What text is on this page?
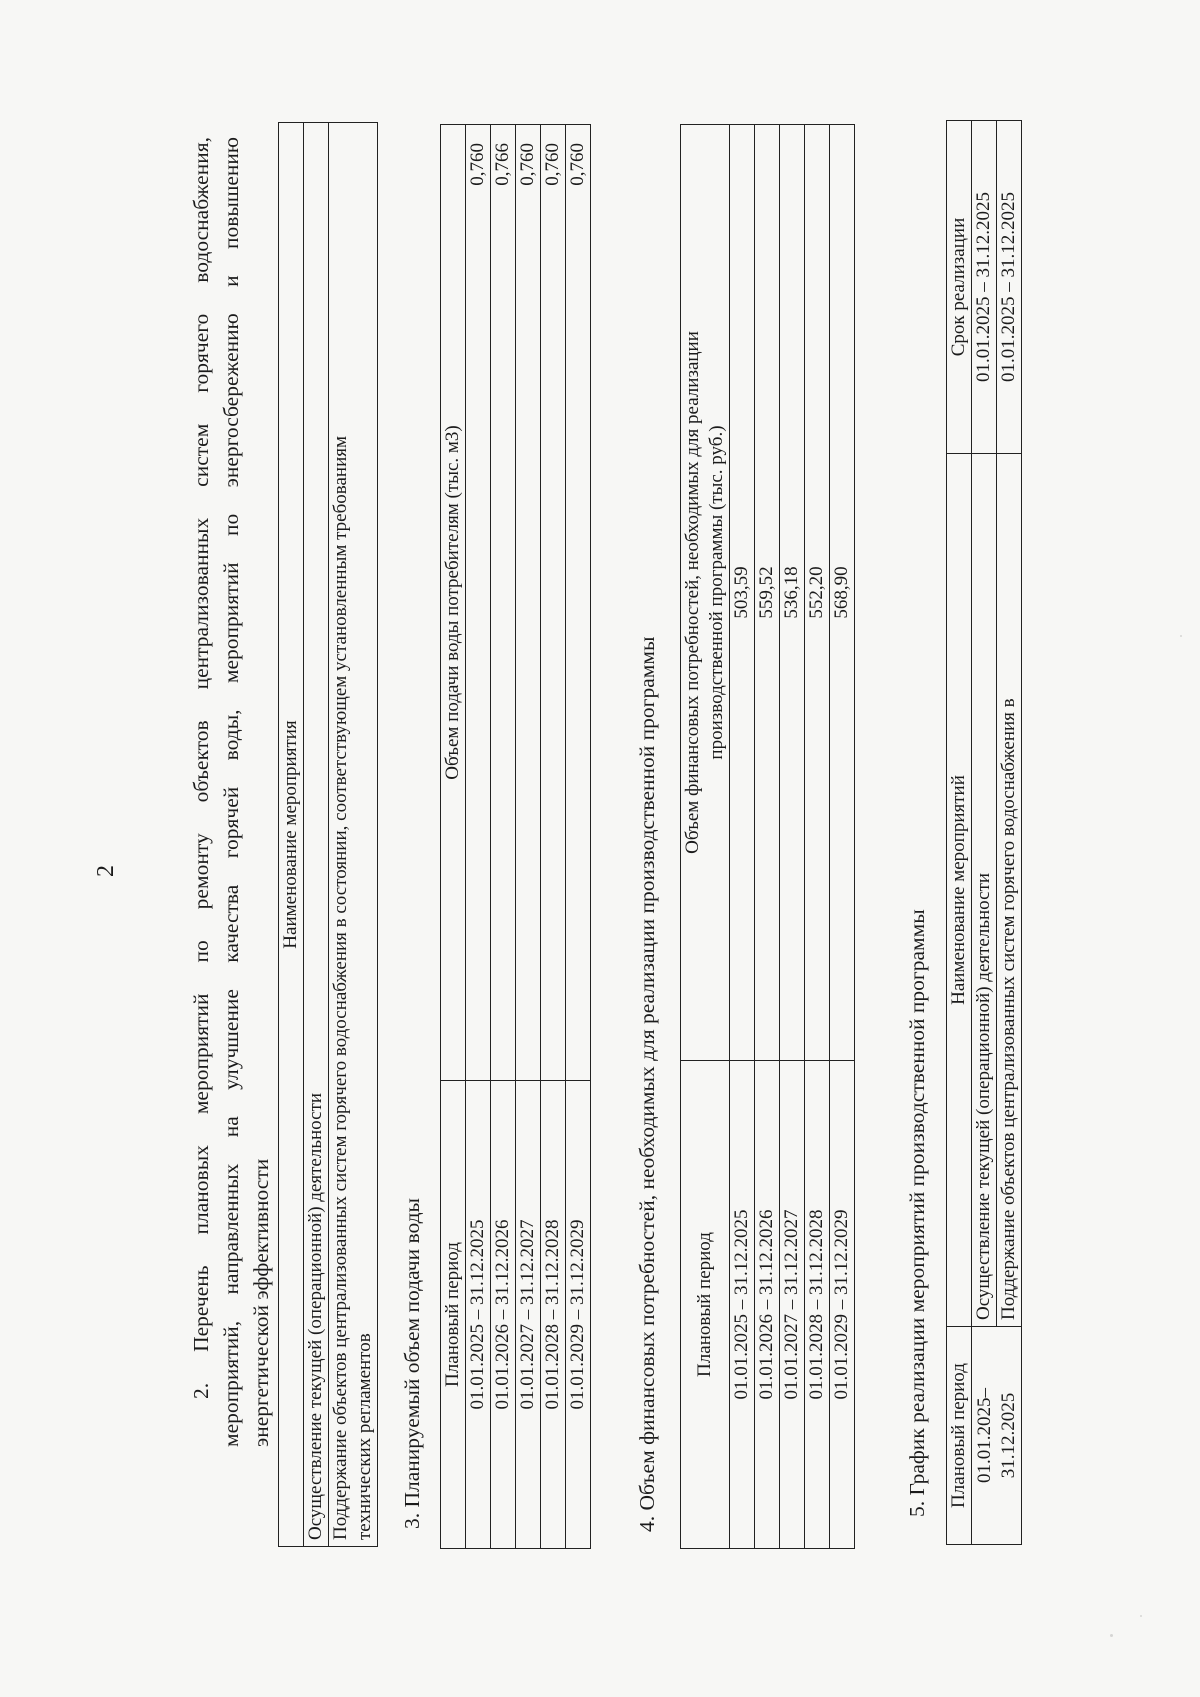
2	2. Перечень плановых мероприятий по ремонту объектов централизованных систем горячего водоснабжения, мероприятий, направленных на улучшение качества горячей воды, мероприятий по энергосбережению и повышению энергетической эффективности
Наименование мероприятия
Осуществление текущей (операционной) деятельности
Поддержание объектов централизованных систем горячего водоснабжения в состоянии, соответствующем установленным требованиям технических регламентов 3. Планируемый объем подачи воды Плановый период	Объем подачи воды потребителям (тыс. м3)
01.01.2025 – 31.12.2025	0,760
01.01.2026 – 31.12.2026	0,766
01.01.2027 – 31.12.2027	0,760
01.01.2028 – 31.12.2028	0,760
01.01.2029 – 31.12.2029	0,760
4. Объем финансовых потребностей, необходимых для реализации производственной программы Плановый период	Объем финансовых потребностей, необходимых для реализации производственной программы (тыс. руб.)
01.01.2025 – 31.12.2025	503,59
01.01.2026 – 31.12.2026	559,52
01.01.2027 – 31.12.2027	536,18
01.01.2028 – 31.12.2028	552,20
01.01.2029 – 31.12.2029	568,90
5. График реализации мероприятий производственной программы Плановый период	Наименование мероприятий	Срок реализации
01.01.2025– 31.12.2025	Осуществление текущей (операционной) деятельности	01.01.2025 – 31.12.2025
	Поддержание объектов централизованных систем горячего водоснабжения в	01.01.2025 – 31.12.2025
